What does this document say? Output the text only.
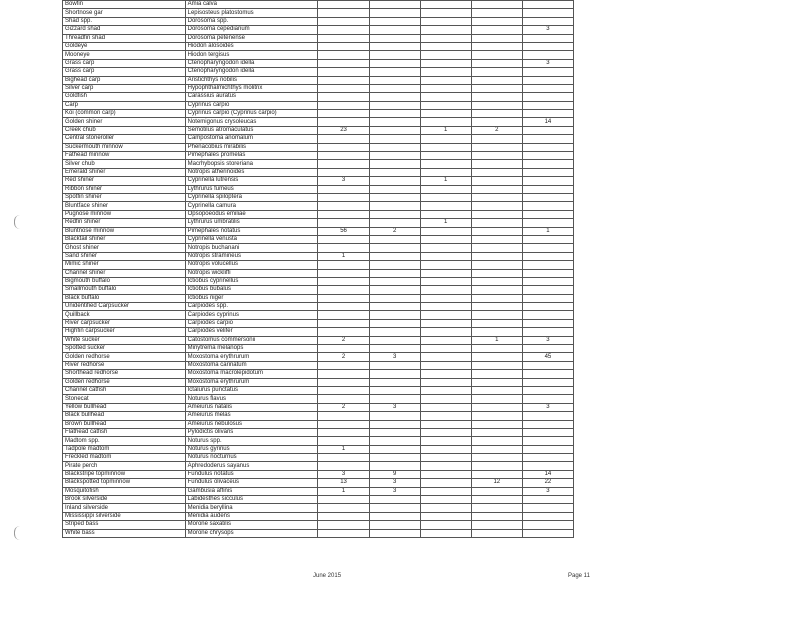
Bowfin	Amia calva					
Shortnose gar	Lepisosteus platostomus					
Shad spp.	Dorosoma spp.					
Gizzard shad	Dorosoma cepedianum					3
Threadfin shad	Dorosoma petenense					
Goldeye	Hiodon alosoides					
Mooneye	Hiodon tergisus					
Grass carp	Ctenopharyngodon idella					3
Grass carp	Ctenopharyngodon idella					
Bighead carp	Aristichthys nobilis					
Silver carp	Hypophthalmichthys molitrix					
Goldfish	Carassius auratus					
Carp	Cyprinus carpio					
Koi (common carp)	Cyprinus carpio (Cyprinus carpio)					
Golden shiner	Notemigonus crysoleucas					14
Creek chub	Semotilus atromaculatus	23		1	2	
Central stoneroller	Campostoma anomalum					
Suckermouth minnow	Phenacobius mirabilis					
Fathead minnow	Pimephales promelas					
Silver chub	Macrhybopsis storeriana					
Emerald shiner	Notropis atherinoides					
Red shiner	Cyprinella lutrensis	3		1		
Ribbon shiner	Lythrurus fumeus					
Spotfin shiner	Cyprinella spiloptera					
Bluntface shiner	Cyprinella camura					
Pugnose minnow	Opsopoeodus emiliae					
Redfin shiner	Lythrurus umbratilis			1		
Bluntnose minnow	Pimephales notatus	56	2			1
Blacktail shiner	Cyprinella venusta					
Ghost shiner	Notropis buchanani					
Sand shiner	Notropis stramineus	1				
Mimic shiner	Notropis volucellus					
Channel shiner	Notropis wickliffi					
Bigmouth buffalo	Ictiobus cyprinellus					
Smallmouth buffalo	Ictiobus bubalus					
Black buffalo	Ictiobus niger					
Unidentified Carpsucker	Carpiodes spp.					
Quillback	Carpiodes cyprinus					
River carpsucker	Carpiodes carpio					
Highfin carpsucker	Carpiodes velifer					
White sucker	Catostomus commersonii	2			1	3
Spotted sucker	Minytrema melanops					
Golden redhorse	Moxostoma erythrurum	2	3			45
River redhorse	Moxostoma carinatum					
Shorthead redhorse	Moxostoma macrolepidotum					
Golden redhorse	Moxostoma erythrurum					
Channel catfish	Ictalurus punctatus					
Stonecat	Noturus flavus					
Yellow bullhead	Ameiurus natalis	2	3			3
Black bullhead	Ameiurus melas					
Brown bullhead	Ameiurus nebulosus					
Flathead catfish	Pylodictis olivaris					
Madtom spp.	Noturus spp.					
Tadpole madtom	Noturus gyrinus	1				
Freckled madtom	Noturus nocturnus					
Pirate perch	Aphredoderus sayanus					
Blackstripe topminnow	Fundulus notatus	3	9			14
Blackspotted topminnow	Fundulus olivaceus	13	3		12	22
Mosquitofish	Gambusia affinis	1	3			3
Brook silverside	Labidesthes sicculus					
Inland silverside	Menidia beryllina					
Mississippi silverside	Menidia audens					
Striped bass	Morone saxatilis					
White bass	Morone chrysops					
June 2015	Page 11
